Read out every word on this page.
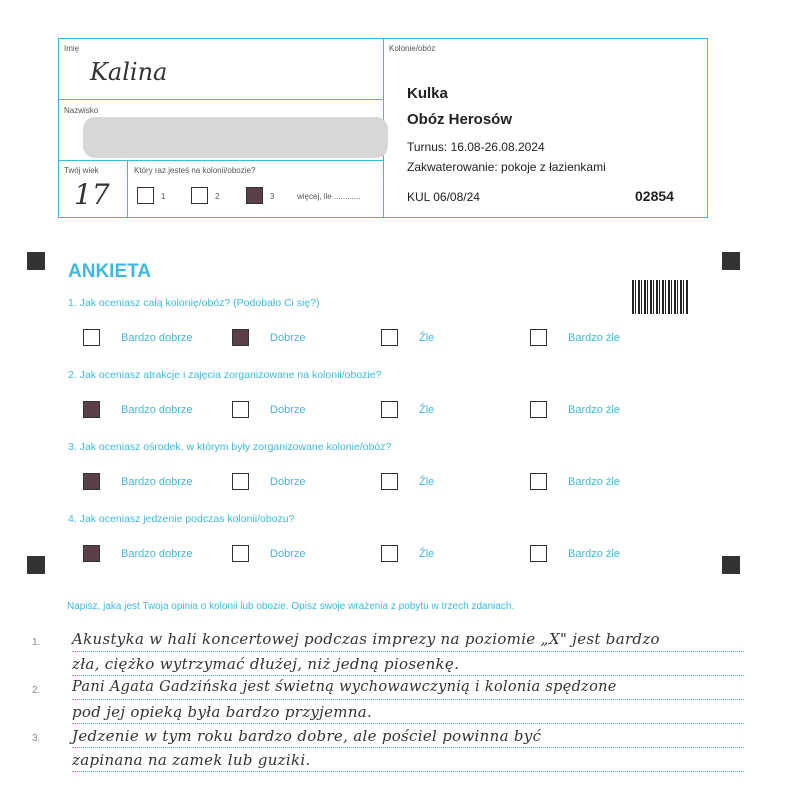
Imię
Kalina
Nazwisko
Twój wiek
17
Który raz jesteś na kolonii/obozie?
1	2	3	więcej, ile ............
Kolonie/obóz
Kulka
Obóz Herosów
Turnus: 16.08-26.08.2024
Zakwaterowanie: pokoje z łazienkami
KUL 06/08/24	02854
ANKIETA
1. Jak oceniasz całą kolonię/obóz? (Podobało Ci się?)
Bardzo dobrze	Dobrze	Źle	Bardzo źle
2. Jak oceniasz atrakcje i zajęcia zorganizowane na kolonii/obozie?
Bardzo dobrze	Dobrze	Źle	Bardzo źle
3. Jak oceniasz ośrodek, w którym były zorganizowane kolonie/obóz?
Bardzo dobrze	Dobrze	Źle	Bardzo źle
4. Jak oceniasz jedzenie podczas kolonii/obozu?
Bardzo dobrze	Dobrze	Źle	Bardzo źle
Napisz, jaka jest Twoja opinia o kolonii lub obozie. Opisz swoje wrażenia z pobytu w trzech zdaniach.
1.
2.
3.
Akustyka w hali koncertowej podczas imprezy na poziomie „X" jest bardzo
zła, ciężko wytrzymać dłużej, niż jedną piosenkę.
Pani Agata Gadzińska jest świetną wychowawczynią i kolonia spędzone
pod jej opieką była bardzo przyjemna.
Jedzenie w tym roku bardzo dobre, ale pościel powinna być
zapinana na zamek lub guziki.
